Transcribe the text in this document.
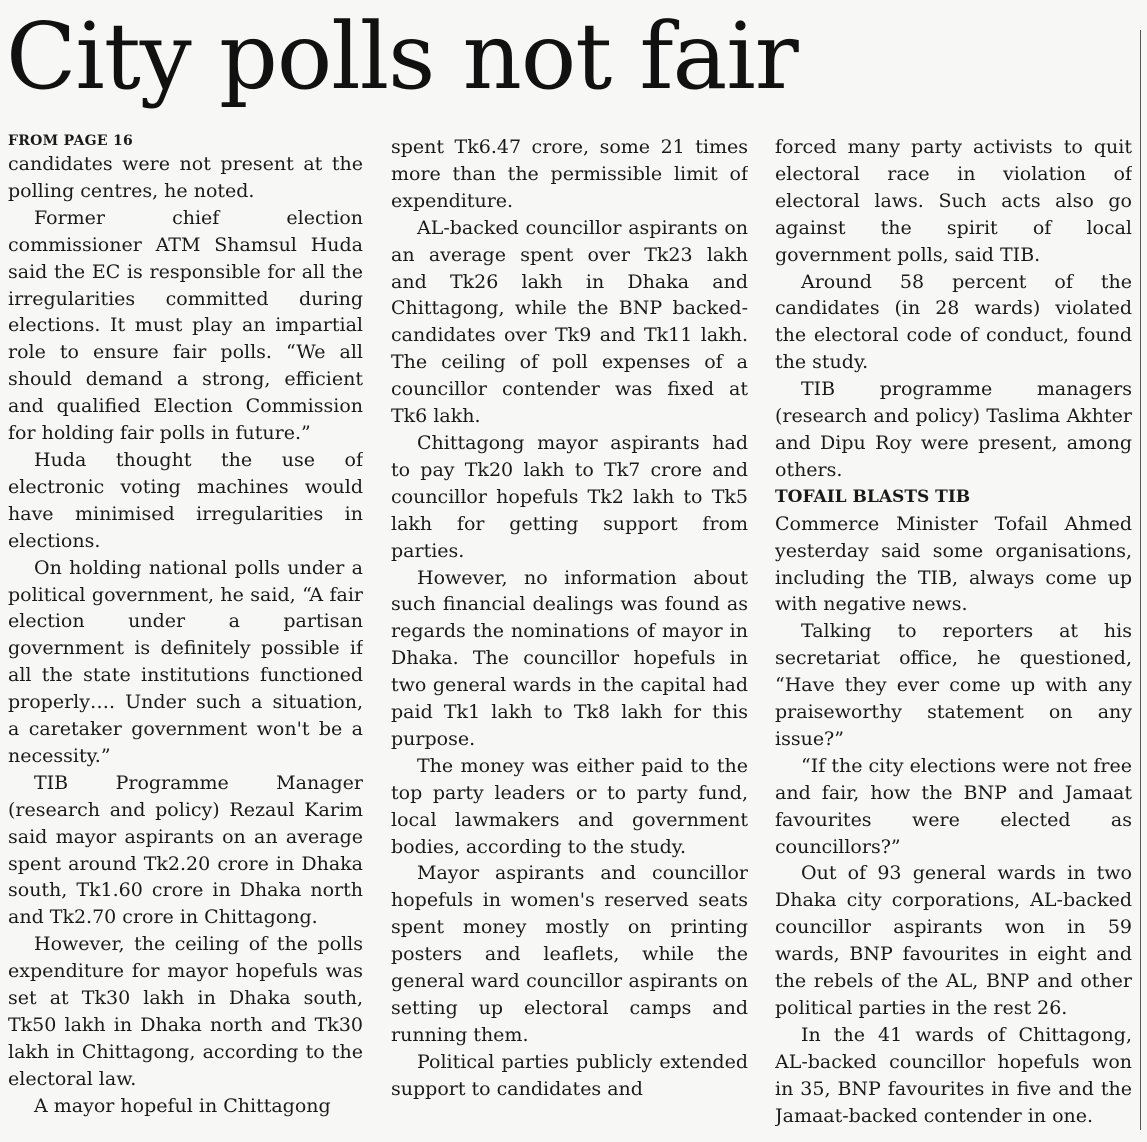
City polls not fair
FROM PAGE 16

candidates were not present at the polling centres, he noted.

Former chief election commissioner ATM Shamsul Huda said the EC is responsible for all the irregularities committed during elections. It must play an impartial role to ensure fair polls. “We all should demand a strong, efficient and qualified Election Commission for holding fair polls in future.”

Huda thought the use of electronic voting machines would have minimised irregularities in elections.

On holding national polls under a political government, he said, “A fair election under a partisan government is definitely possible if all the state institutions functioned properly…. Under such a situation, a caretaker government won't be a necessity.”

TIB Programme Manager (research and policy) Rezaul Karim said mayor aspirants on an average spent around Tk2.20 crore in Dhaka south, Tk1.60 crore in Dhaka north and Tk2.70 crore in Chittagong.

However, the ceiling of the polls expenditure for mayor hopefuls was set at Tk30 lakh in Dhaka south, Tk50 lakh in Dhaka north and Tk30 lakh in Chittagong, according to the electoral law.

A mayor hopeful in Chittagong

spent Tk6.47 crore, some 21 times more than the permissible limit of expenditure.

AL-backed councillor aspirants on an average spent over Tk23 lakh and Tk26 lakh in Dhaka and Chittagong, while the BNP backed-candidates over Tk9 and Tk11 lakh. The ceiling of poll expenses of a councillor contender was fixed at Tk6 lakh.

Chittagong mayor aspirants had to pay Tk20 lakh to Tk7 crore and councillor hopefuls Tk2 lakh to Tk5 lakh for getting support from parties.

However, no information about such financial dealings was found as regards the nominations of mayor in Dhaka. The councillor hopefuls in two general wards in the capital had paid Tk1 lakh to Tk8 lakh for this purpose.

The money was either paid to the top party leaders or to party fund, local lawmakers and government bodies, according to the study.

Mayor aspirants and councillor hopefuls in women's reserved seats spent money mostly on printing posters and leaflets, while the general ward councillor aspirants on setting up electoral camps and running them.

Political parties publicly extended support to candidates and

forced many party activists to quit electoral race in violation of electoral laws. Such acts also go against the spirit of local government polls, said TIB.

Around 58 percent of the candidates (in 28 wards) violated the electoral code of conduct, found the study.

TIB programme managers (research and policy) Taslima Akhter and Dipu Roy were present, among others.

TOFAIL BLASTS TIB

Commerce Minister Tofail Ahmed yesterday said some organisations, including the TIB, always come up with negative news.

Talking to reporters at his secretariat office, he questioned, “Have they ever come up with any praiseworthy statement on any issue?”

“If the city elections were not free and fair, how the BNP and Jamaat favourites were elected as councillors?”

Out of 93 general wards in two Dhaka city corporations, AL-backed councillor aspirants won in 59 wards, BNP favourites in eight and the rebels of the AL, BNP and other political parties in the rest 26.

In the 41 wards of Chittagong, AL-backed councillor hopefuls won in 35, BNP favourites in five and the Jamaat-backed contender in one.
